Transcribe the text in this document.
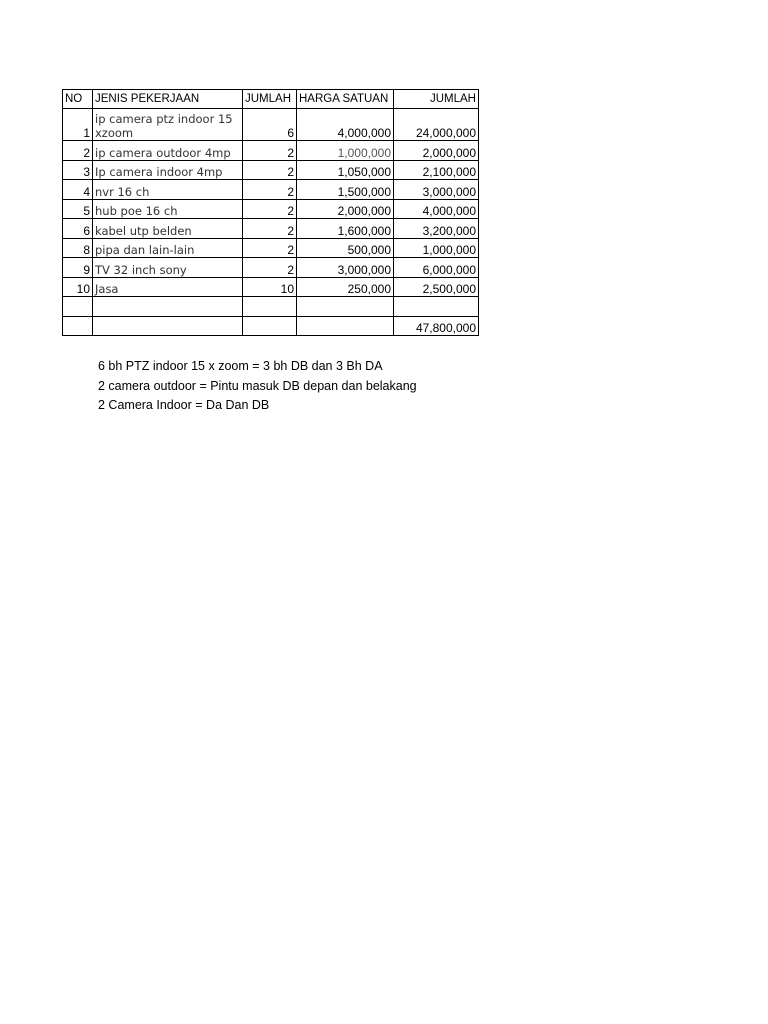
NO	JENIS PEKERJAAN	JUMLAH	HARGA SATUAN	JUMLAH
1	ip camera ptz indoor 15 xzoom	6	4,000,000	24,000,000
2	ip camera outdoor 4mp	2	1,000,000	2,000,000
3	Ip camera indoor 4mp	2	1,050,000	2,100,000
4	nvr 16 ch	2	1,500,000	3,000,000
5	hub poe 16 ch	2	2,000,000	4,000,000
6	kabel utp belden	2	1,600,000	3,200,000
8	pipa dan lain-lain	2	500,000	1,000,000
9	TV 32 inch sony	2	3,000,000	6,000,000
10	Jasa	10	250,000	2,500,000

				47,800,000
6 bh PTZ indoor 15 x zoom = 3 bh DB dan 3 Bh DA
2 camera outdoor = Pintu masuk DB depan dan belakang
2 Camera Indoor = Da Dan DB
